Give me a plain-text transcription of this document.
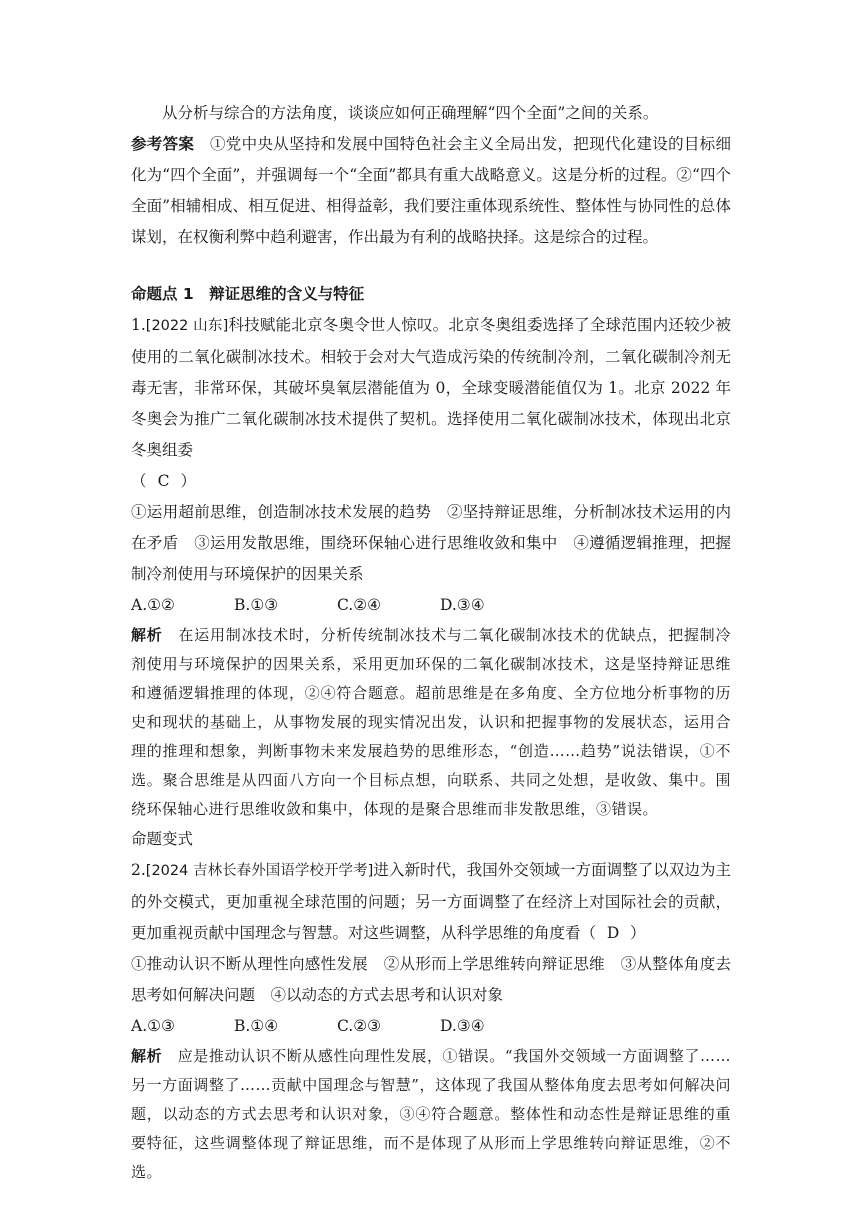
从分析与综合的方法角度，谈谈应如何正确理解“四个全面”之间的关系。

参考答案　 ①党中央从坚持和发展中国特色社会主义全局出发，把现代化建设的目标细化为“四个全面”，并强调每一个“全面”都具有重大战略意义。这是分析的过程。②“四个全面”相辅相成、相互促进、相得益彰，我们要注重体现系统性、整体性与协同性的总体谋划，在权衡利弊中趋利避害，作出最为有利的战略抉择。这是综合的过程。

命题点 1　辩证思维的含义与特征

1.[2022 山东]科技赋能北京冬奥令世人惊叹。北京冬奥组委选择了全球范围内还较少被使用的二氧化碳制冰技术。相较于会对大气造成污染的传统制冷剂，二氧化碳制冷剂无毒无害，非常环保，其破坏臭氧层潜能值为 0，全球变暖潜能值仅为 1。北京 2022 年冬奥会为推广二氧化碳制冰技术提供了契机。选择使用二氧化碳制冰技术，体现出北京冬奥组委
（ C ）

①运用超前思维，创造制冰技术发展的趋势　②坚持辩证思维，分析制冰技术运用的内在矛盾　③运用发散思维，围绕环保轴心进行思维收敛和集中　④遵循逻辑推理，把握制冷剂使用与环境保护的因果关系

A.①②	B.①③	C.②④	D.③④

解析　 在运用制冰技术时，分析传统制冰技术与二氧化碳制冰技术的优缺点，把握制冷剂使用与环境保护的因果关系，采用更加环保的二氧化碳制冰技术，这是坚持辩证思维和遵循逻辑推理的体现，②④符合题意。超前思维是在多角度、全方位地分析事物的历史和现状的基础上，从事物发展的现实情况出发，认识和把握事物的发展状态，运用合理的推理和想象，判断事物未来发展趋势的思维形态，“创造……趋势”说法错误，①不选。聚合思维是从四面八方向一个目标点想，向联系、共同之处想，是收敛、集中。围绕环保轴心进行思维收敛和集中，体现的是聚合思维而非发散思维，③错误。

命题变式

2.[2024 吉林长春外国语学校开学考]进入新时代，我国外交领域一方面调整了以双边为主的外交模式，更加重视全球范围的问题；另一方面调整了在经济上对国际社会的贡献，更加重视贡献中国理念与智慧。对这些调整，从科学思维的角度看（ D ）

①推动认识不断从理性向感性发展　②从形而上学思维转向辩证思维　③从整体角度去思考如何解决问题　④以动态的方式去思考和认识对象

A.①③	B.①④	C.②③	D.③④

解析　 应是推动认识不断从感性向理性发展，①错误。“我国外交领域一方面调整了……另一方面调整了……贡献中国理念与智慧”，这体现了我国从整体角度去思考如何解决问题，以动态的方式去思考和认识对象，③④符合题意。整体性和动态性是辩证思维的重要特征，这些调整体现了辩证思维，而不是体现了从形而上学思维转向辩证思维，②不选。
